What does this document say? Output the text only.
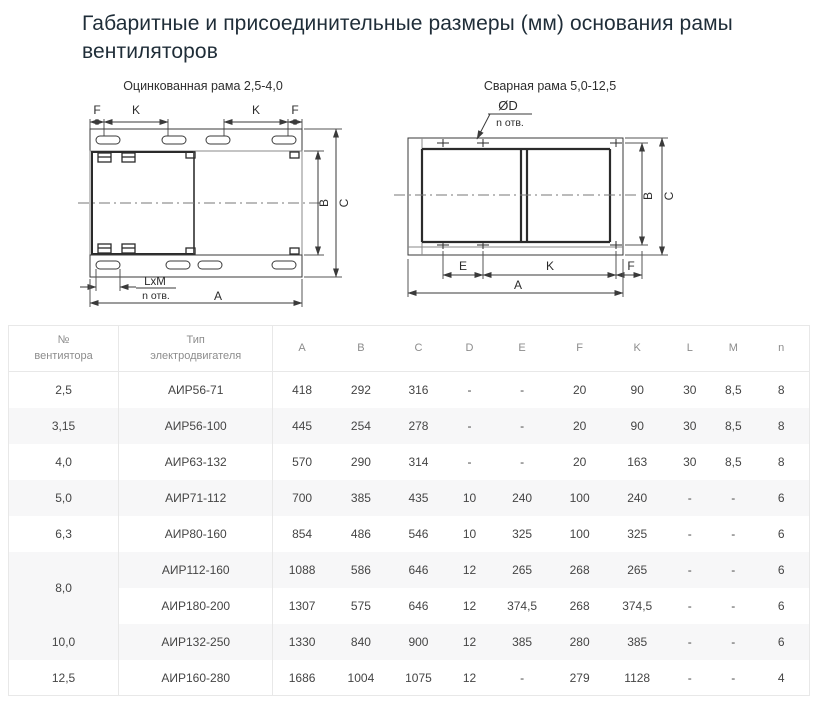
Габаритные и присоединительные размеры (мм) основания рамы вентиляторов
Оцинкованная рама 2,5-4,0
F	K	K	F
LxM
n отв.	A
B C
Сварная рама 5,0-12,5
ØD
n отв.
B C
E	K	F
A
№
вентиятора	Тип
электродвигателя	A	B	C	D	E	F	K	L	M	n
2,5	АИР56-71	418	292	316	-	-	20	90	30	8,5	8
3,15	АИР56-100	445	254	278	-	-	20	90	30	8,5	8
4,0	АИР63-132	570	290	314	-	-	20	163	30	8,5	8
5,0	АИР71-112	700	385	435	10	240	100	240	-	-	6
6,3	АИР80-160	854	486	546	10	325	100	325	-	-	6
8,0	АИР112-160	1088	586	646	12	265	268	265	-	-	6
	АИР180-200	1307	575	646	12	374,5	268	374,5	-	-	6
10,0	АИР132-250	1330	840	900	12	385	280	385	-	-	6
12,5	АИР160-280	1686	1004	1075	12	-	279	1128	-	-	4
